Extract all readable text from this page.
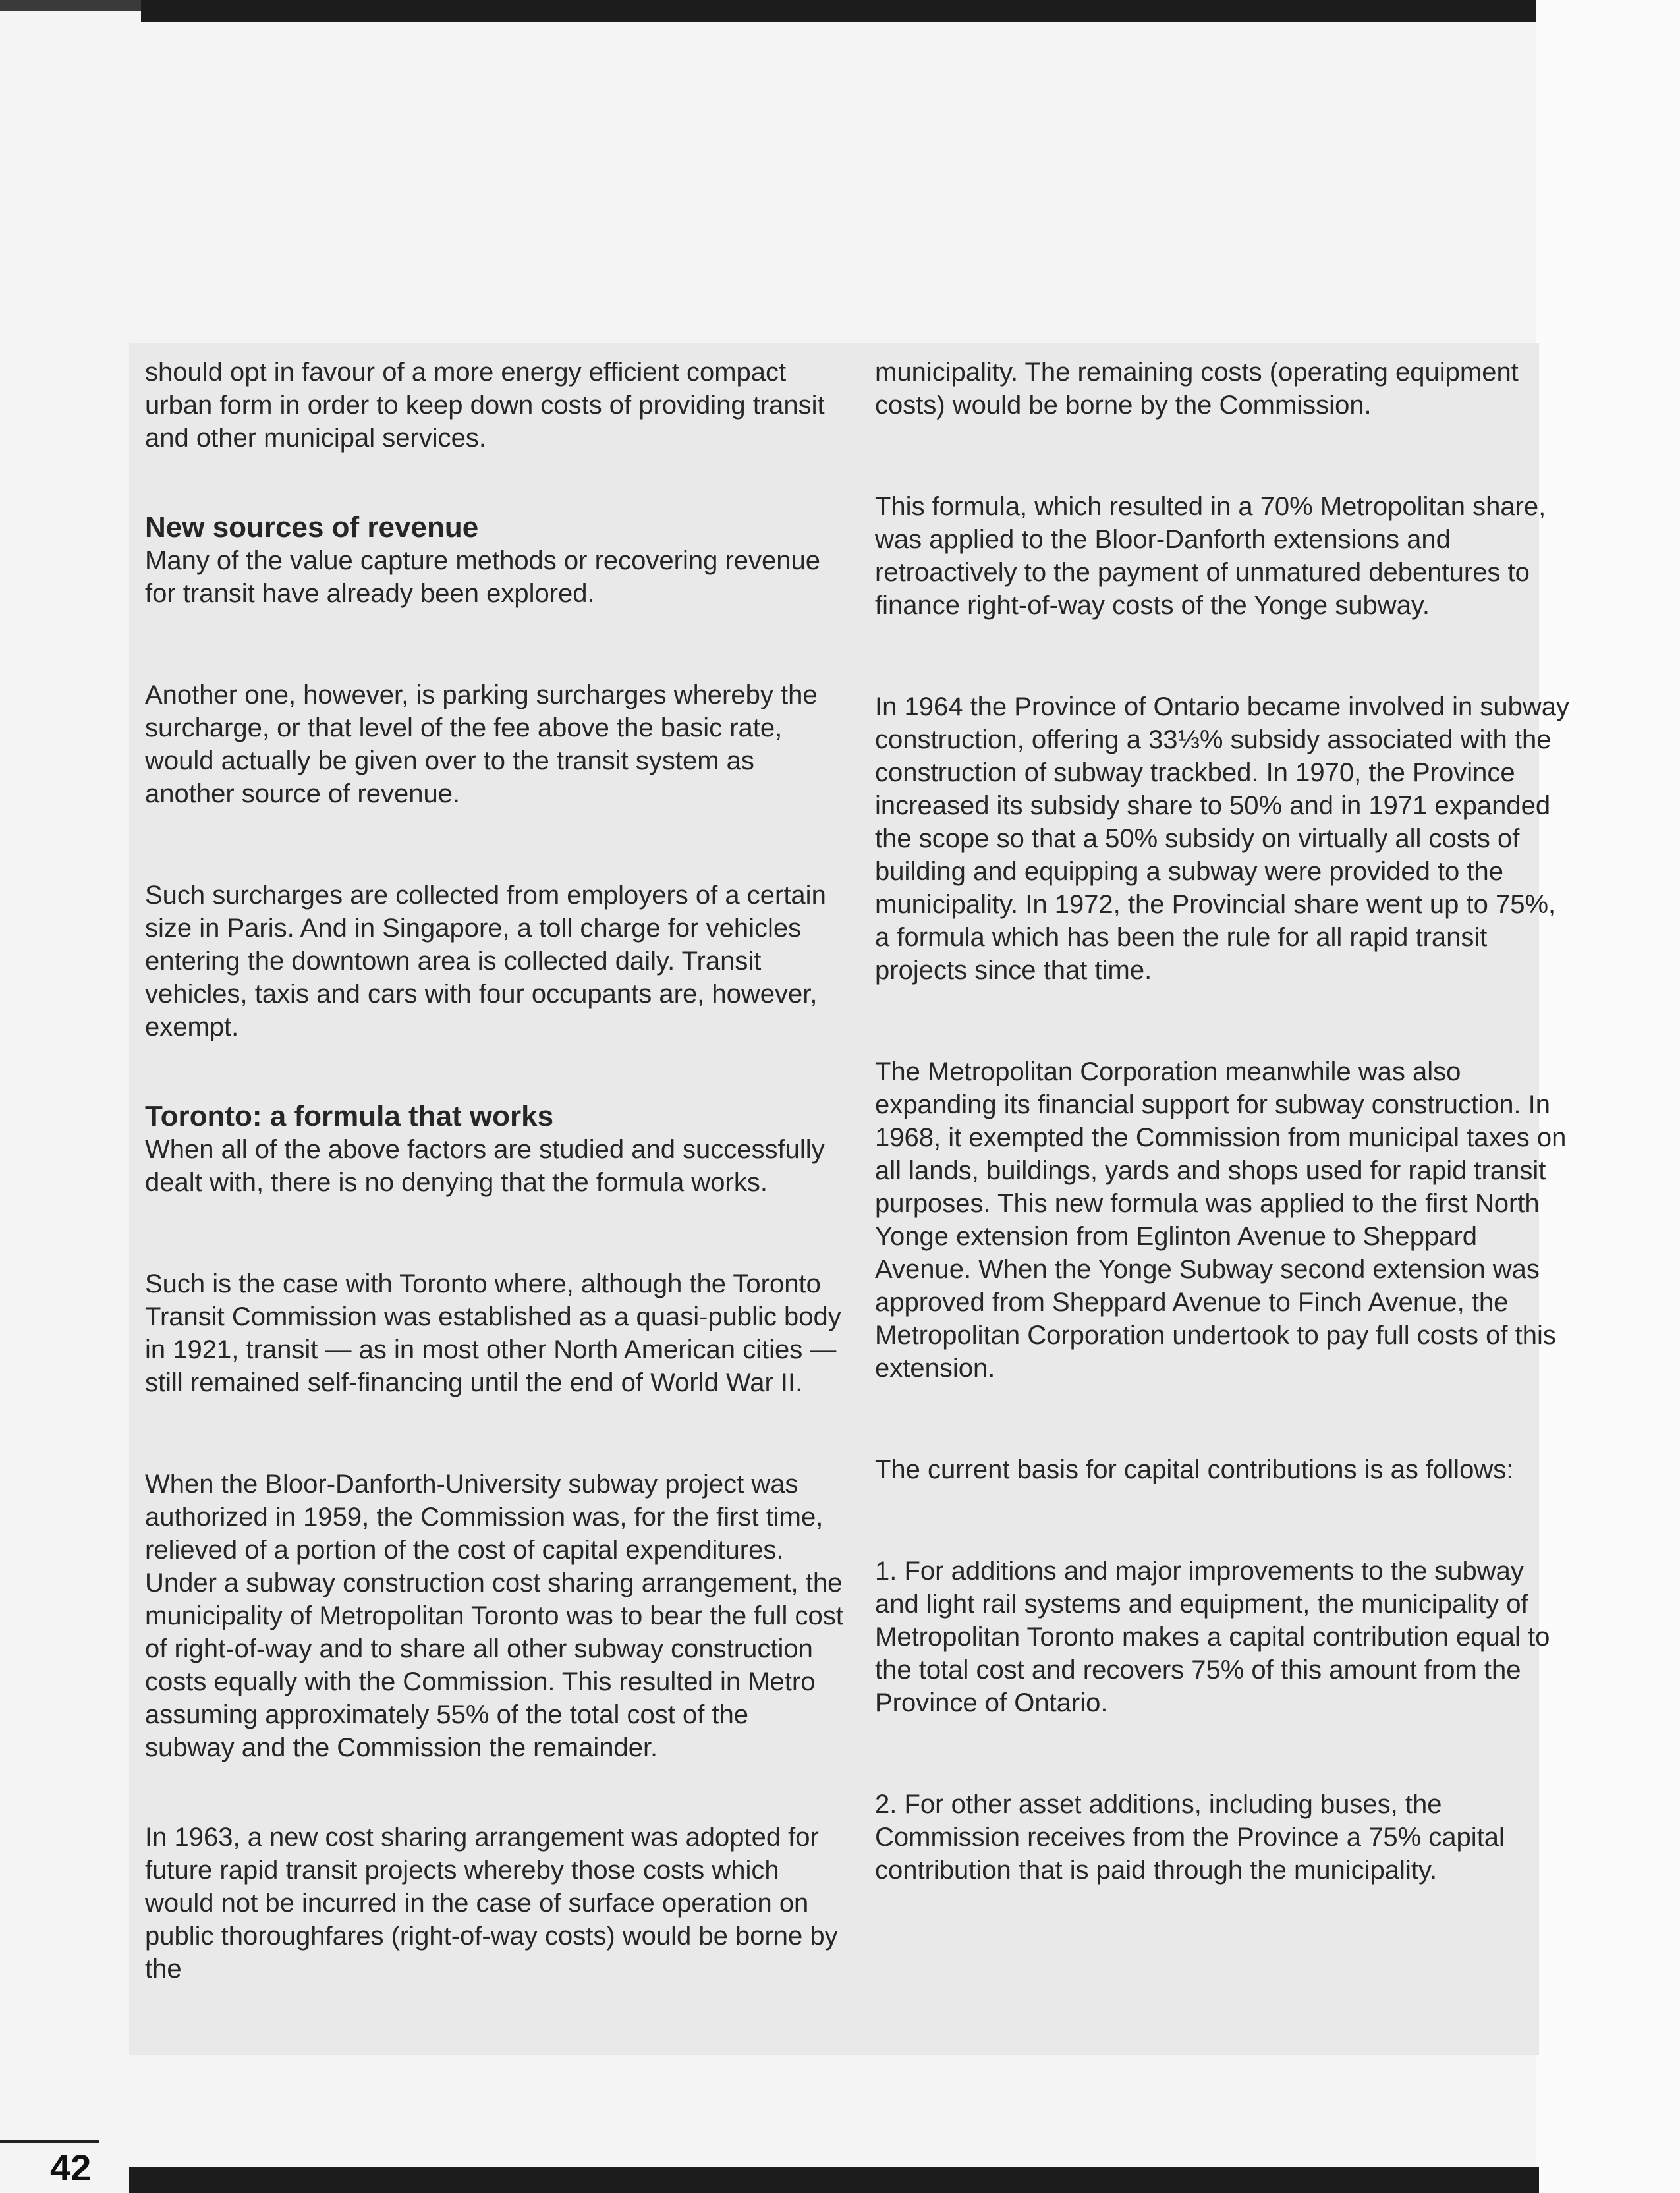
should opt in favour of a more energy efficient compact urban form in order to keep down costs of providing transit and other municipal services.

New sources of revenue

Many of the value capture methods or recovering revenue for transit have already been explored.

Another one, however, is parking surcharges whereby the surcharge, or that level of the fee above the basic rate, would actually be given over to the transit system as another source of revenue.

Such surcharges are collected from employers of a certain size in Paris. And in Singapore, a toll charge for vehicles entering the downtown area is collected daily. Transit vehicles, taxis and cars with four occupants are, however, exempt.

Toronto: a formula that works

When all of the above factors are studied and successfully dealt with, there is no denying that the formula works.

Such is the case with Toronto where, although the Toronto Transit Commission was established as a quasi-public body in 1921, transit — as in most other North American cities — still remained self-financing until the end of World War II.

When the Bloor-Danforth-University subway project was authorized in 1959, the Commission was, for the first time, relieved of a portion of the cost of capital expenditures. Under a subway construction cost sharing arrangement, the municipality of Metropolitan Toronto was to bear the full cost of right-of-way and to share all other subway construction costs equally with the Commission. This resulted in Metro assuming approximately 55% of the total cost of the subway and the Commission the remainder.

In 1963, a new cost sharing arrangement was adopted for future rapid transit projects whereby those costs which would not be incurred in the case of surface operation on public thoroughfares (right-of-way costs) would be borne by the

municipality. The remaining costs (operating equipment costs) would be borne by the Commission.

This formula, which resulted in a 70% Metropolitan share, was applied to the Bloor-Danforth extensions and retroactively to the payment of unmatured debentures to finance right-of-way costs of the Yonge subway.

In 1964 the Province of Ontario became involved in subway construction, offering a 33⅓% subsidy associated with the construction of subway trackbed. In 1970, the Province increased its subsidy share to 50% and in 1971 expanded the scope so that a 50% subsidy on virtually all costs of building and equipping a subway were provided to the municipality. In 1972, the Provincial share went up to 75%, a formula which has been the rule for all rapid transit projects since that time.

The Metropolitan Corporation meanwhile was also expanding its financial support for subway construction. In 1968, it exempted the Commission from municipal taxes on all lands, buildings, yards and shops used for rapid transit purposes. This new formula was applied to the first North Yonge extension from Eglinton Avenue to Sheppard Avenue. When the Yonge Subway second extension was approved from Sheppard Avenue to Finch Avenue, the Metropolitan Corporation undertook to pay full costs of this extension.

The current basis for capital contributions is as follows:

1. For additions and major improvements to the subway and light rail systems and equipment, the municipality of Metropolitan Toronto makes a capital contribution equal to the total cost and recovers 75% of this amount from the Province of Ontario.

2. For other asset additions, including buses, the Commission receives from the Province a 75% capital contribution that is paid through the municipality.

42
